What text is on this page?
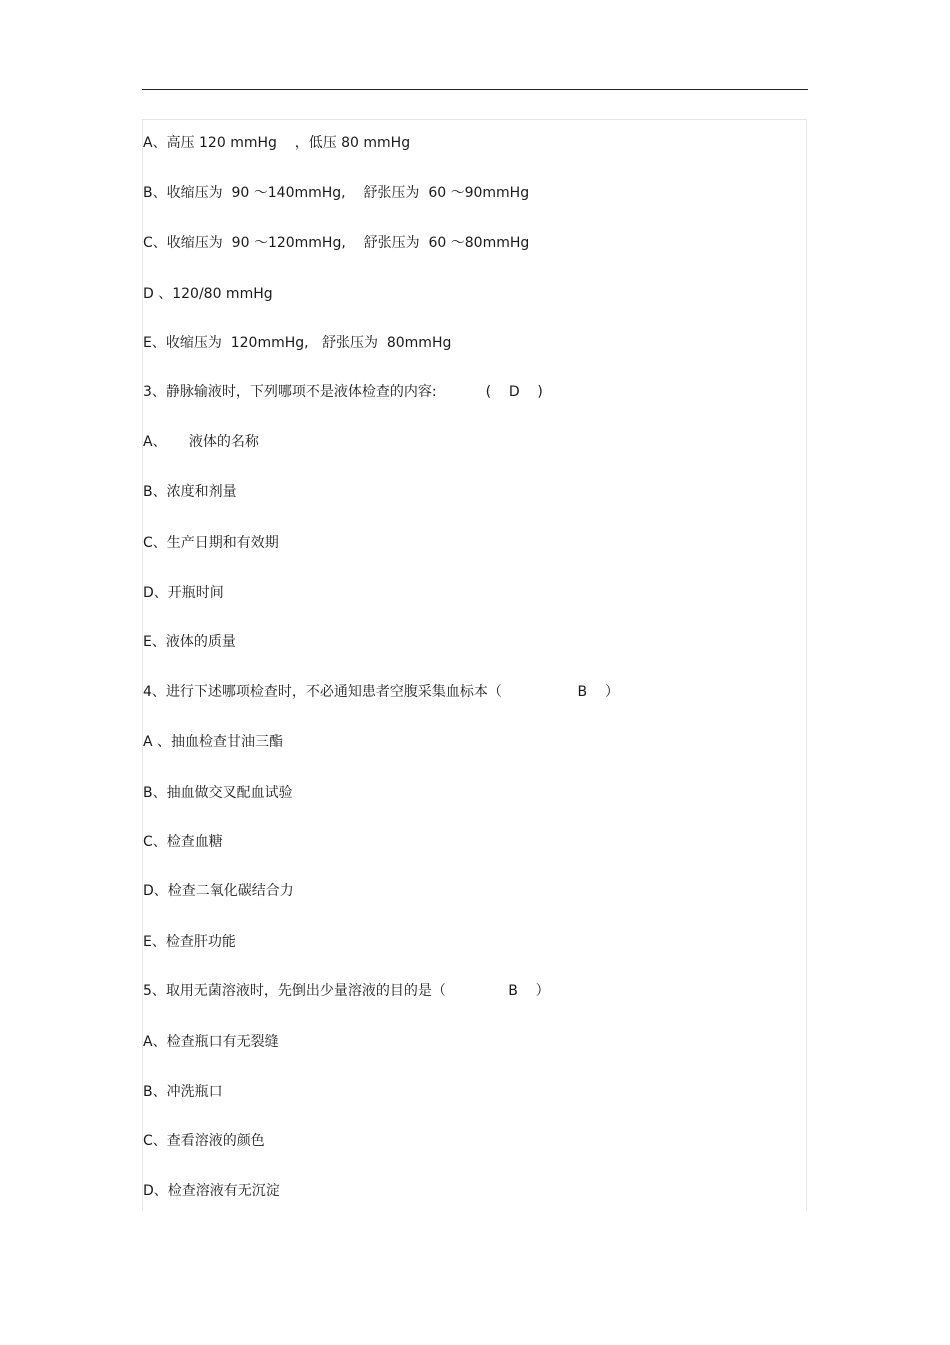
A、高压 120 mmHg    ，低压 80 mmHg
B、收缩压为  90 ～140mmHg,    舒张压为  60 ～90mmHg
C、收缩压为  90 ～120mmHg,    舒张压为  60 ～80mmHg
D 、120/80 mmHg
E、收缩压为  120mmHg,   舒张压为  80mmHg
3、静脉输液时，下列哪项不是液体检查的内容:           (    D    )
A、     液体的名称
B、浓度和剂量
C、生产日期和有效期
D、开瓶时间
E、液体的质量
4、进行下述哪项检查时，不必通知患者空腹采集血标本（                 B    ）
A 、抽血检查甘油三酯
B、抽血做交叉配血试验
C、检查血糖
D、检查二氧化碳结合力
E、检查肝功能
5、取用无菌溶液时，先倒出少量溶液的目的是（              B    ）
A、检查瓶口有无裂缝
B、冲洗瓶口
C、查看溶液的颜色
D、检查溶液有无沉淀
